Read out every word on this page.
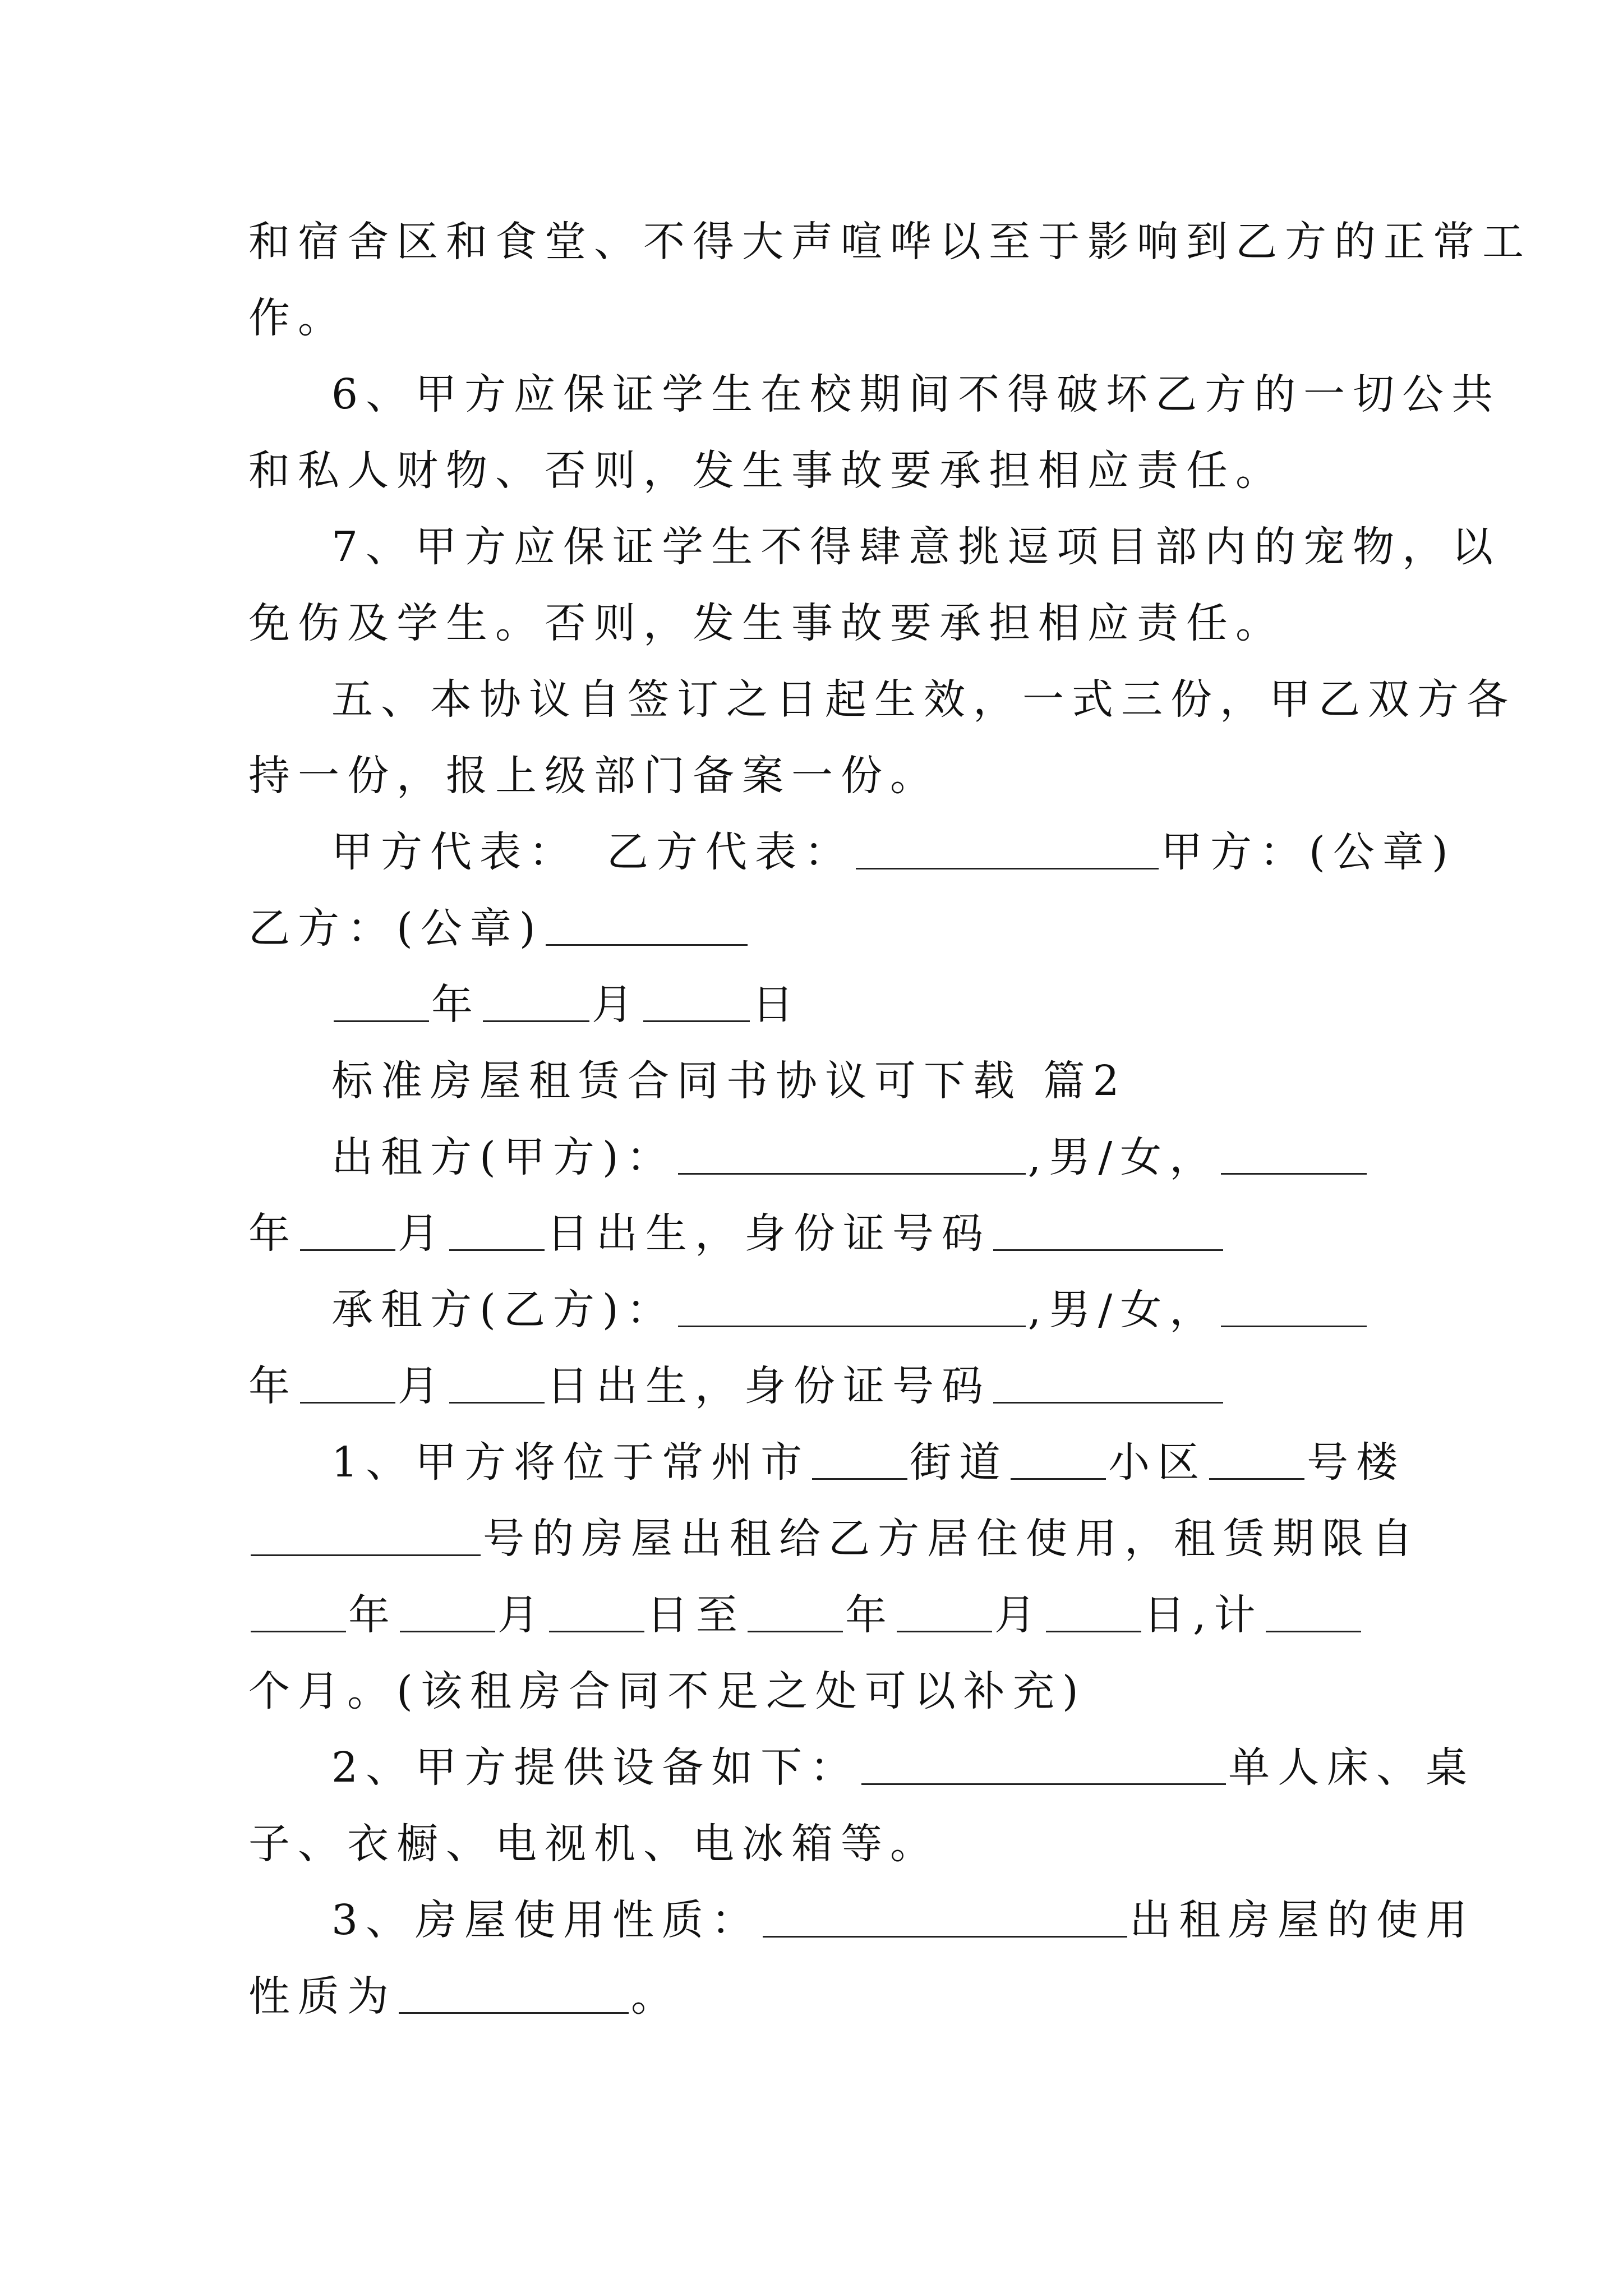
和宿舍区和食堂、不得大声喧哗以至于影响到乙方的正常工

作。

6、甲方应保证学生在校期间不得破坏乙方的一切公共

和私人财物、否则，发生事故要承担相应责任。

7、甲方应保证学生不得肆意挑逗项目部内的宠物，以

免伤及学生。否则，发生事故要承担相应责任。

五、本协议自签订之日起生效，一式三份，甲乙双方各

持一份，报上级部门备案一份。

甲方代表：　乙方代表：	甲方：(公章)

乙方：(公章)

年	月	日

标准房屋租赁合同书协议可下载 篇2

出租方(甲方)：	,男/女，

年 月 日出生，身份证号码

承租方(乙方)：	,男/女，

年 月 日出生，身份证号码

1、甲方将位于常州市 街道 小区 号楼

号的房屋出租给乙方居住使用，租赁期限自

年 月 日至 年 月 日,计

个月。(该租房合同不足之处可以补充)

2、甲方提供设备如下：	单人床、桌

子、衣橱、电视机、电冰箱等。

3、房屋使用性质：	出租房屋的使用

性质为	。
